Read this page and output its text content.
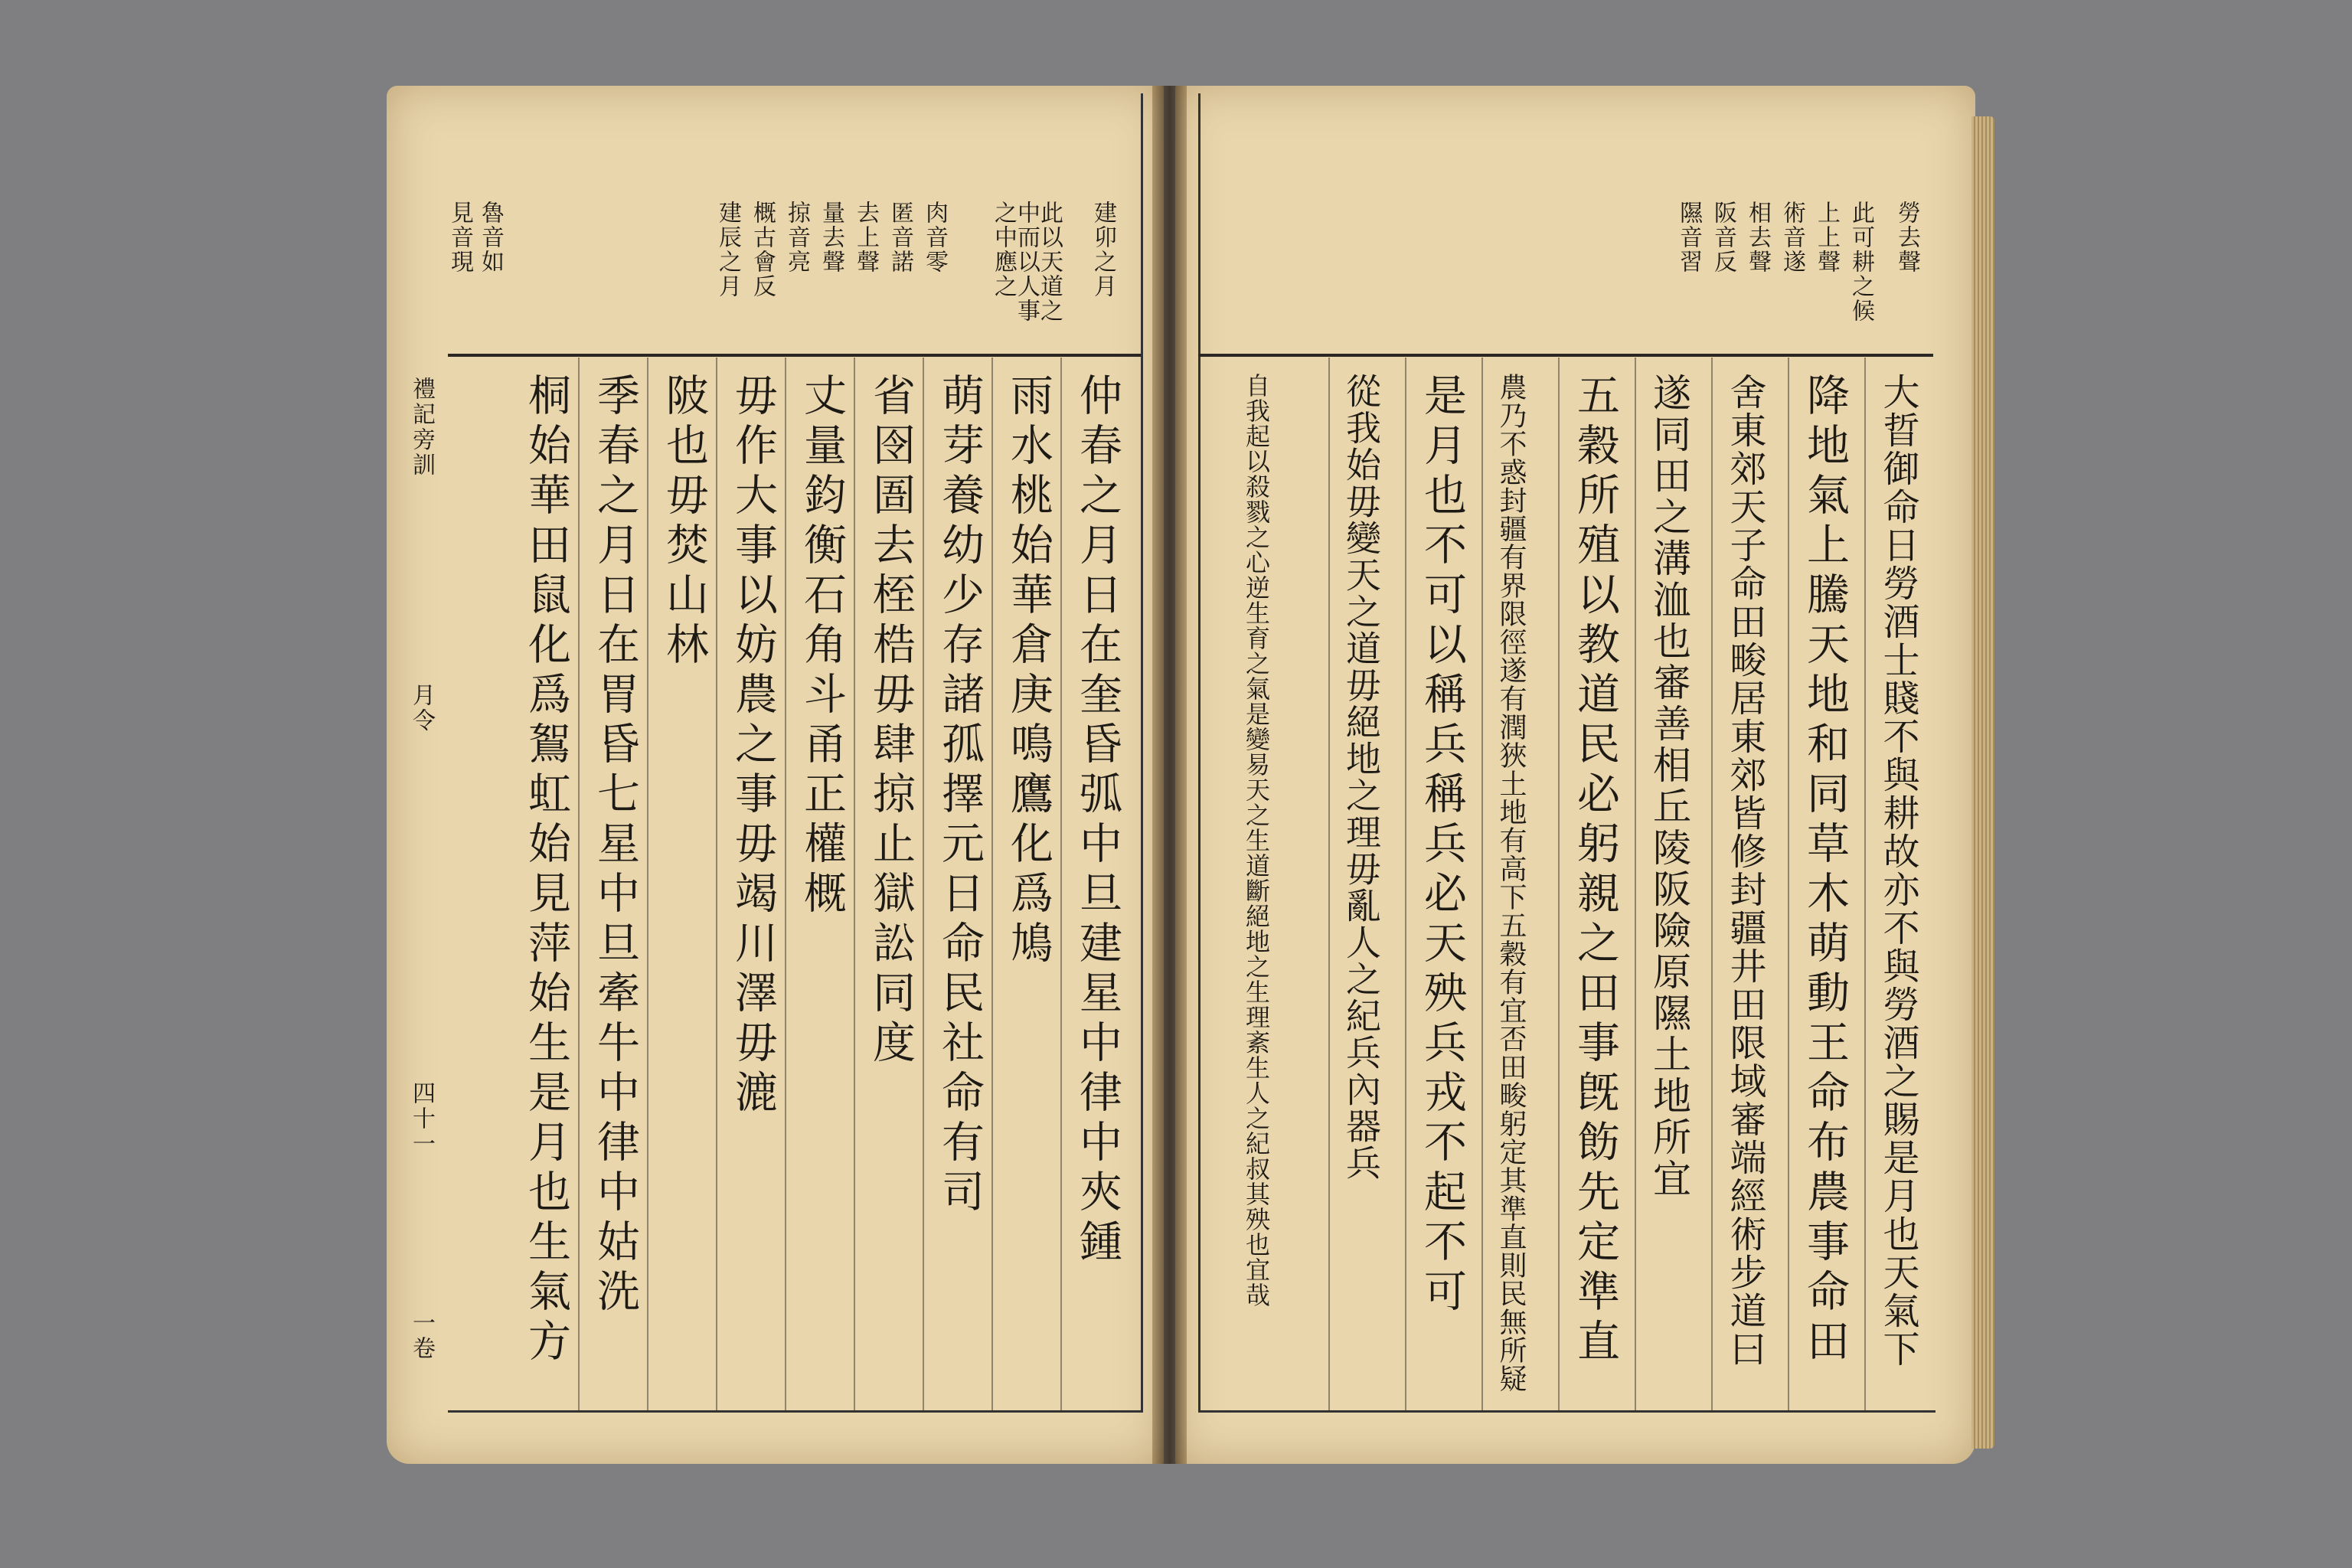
禮記旁訓
月令
四十一
一卷
建卯之月
此以天道之中而以人事之中應之
肉音零
匿音諾
去上聲
量去聲
掠音亮
概古會反
建辰之月
魯音如
見音現
仲春之月日在奎昏弧中旦建星中律中夾鍾
雨水桃始華倉庚鳴鷹化爲鳩
萌芽養幼少存諸孤擇元日命民社命有司
省囹圄去桎梏毋肆掠止獄訟同度
丈量鈞衡石角斗甬正權概
毋作大事以妨農之事毋竭川澤毋漉
陂也毋焚山林
季春之月日在胃昏七星中旦牽牛中律中姑洗
桐始華田鼠化爲鴽虹始見萍始生是月也生氣方
勞去聲
此可耕之候
上上聲
術音遂
相去聲
阪音反
隰音習
大晢御命日勞酒士賤不與耕故亦不與勞酒之賜是月也天氣下
降地氣上騰天地和同草木萌動王命布農事命田
舍東郊天子命田畯居東郊皆修封疆井田限域審端經術步道曰
遂同田之溝洫也審善相丘陵阪險原隰土地所宜
五穀所殖以教道民必躬親之田事旣飭先定準直
農乃不惑封疆有界限徑遂有潤狹土地有高下五穀有宜否田畯躬定其準直則民無所疑
是月也不可以稱兵稱兵必天殃兵戎不起不可
從我始毋變天之道毋絕地之理毋亂人之紀兵內器兵
自我起以殺戮之心逆生育之氣是變易天之生道斷絕地之生理紊生人之紀叔其殃也宜哉
